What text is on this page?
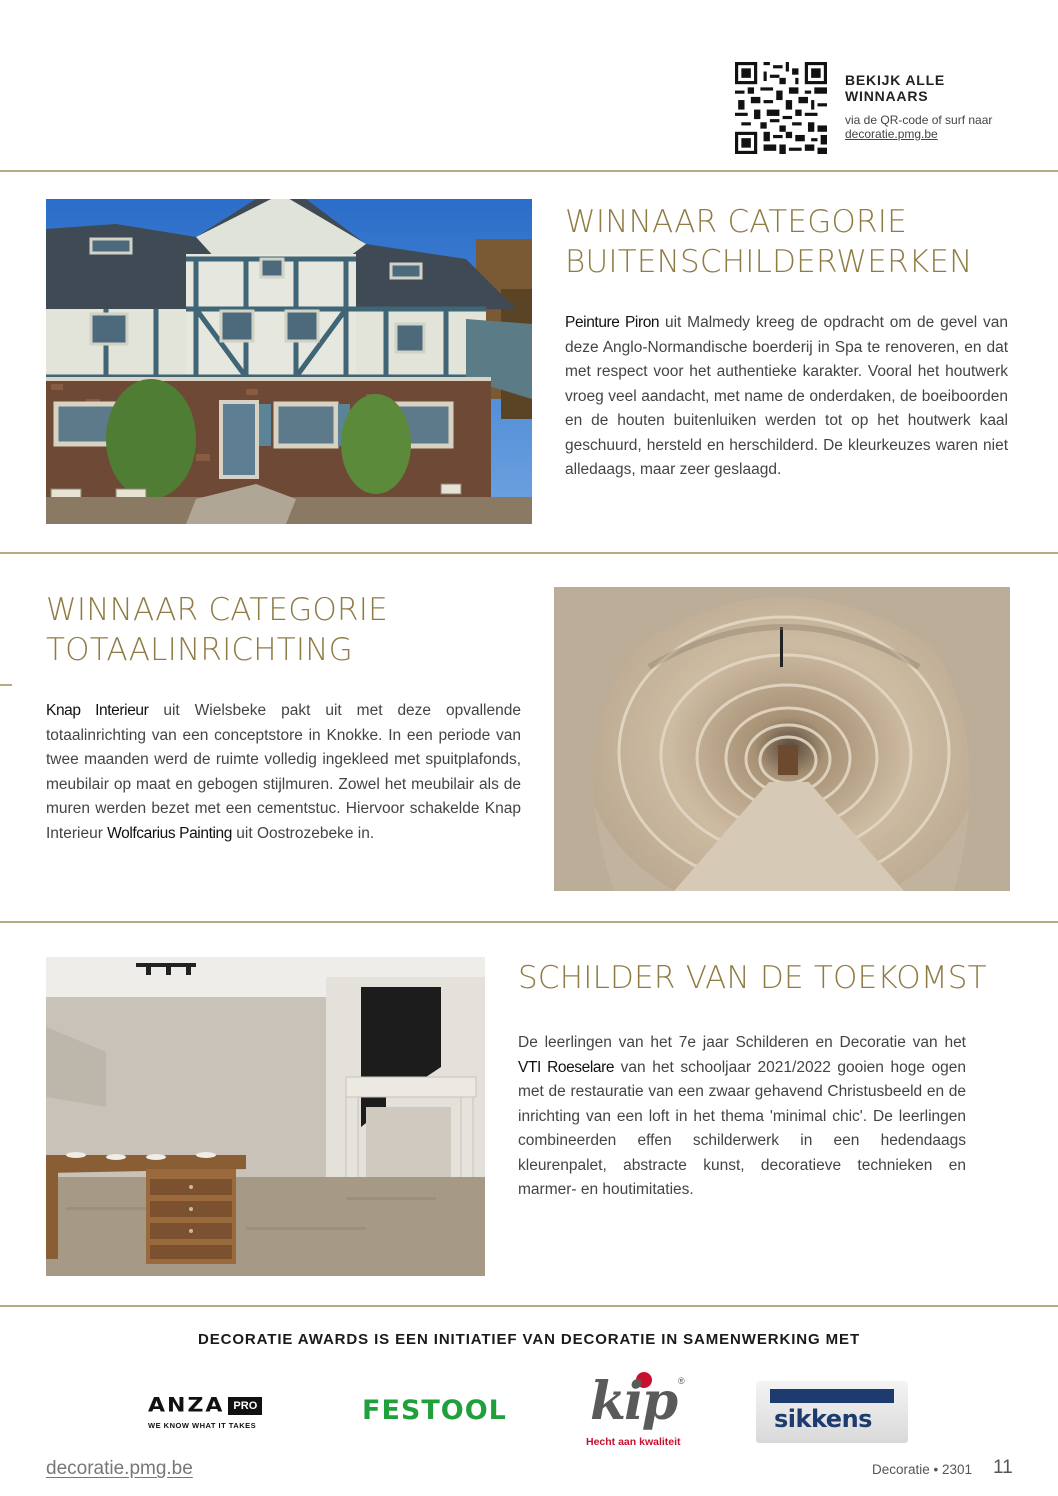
BEKIJK ALLE
WINNAARS
via de QR-code of surf naar
decoratie.pmg.be
WINNAAR CATEGORIE
BUITENSCHILDERWERKEN

Peinture Piron uit Malmedy kreeg de opdracht om de gevel van deze Anglo-Normandische boerderij in Spa te renoveren, en dat met respect voor het authentieke karakter. Vooral het houtwerk vroeg veel aandacht, met name de onderdaken, de boeiboorden en de houten buitenluiken werden tot op het houtwerk kaal geschuurd, hersteld en herschilderd. De kleurkeuzes waren niet alledaags, maar zeer geslaagd.

WINNAAR CATEGORIE
TOTAALINRICHTING

Knap Interieur uit Wielsbeke pakt uit met deze opvallende totaalinrichting van een conceptstore in Knokke. In een periode van twee maanden werd de ruimte volledig ingekleed met spuitplafonds, meubilair op maat en gebogen stijlmuren. Zowel het meubilair als de muren werden bezet met een cementstuc. Hiervoor schakelde Knap Interieur Wolfcarius Painting uit Oostrozebeke in.

SCHILDER VAN DE TOEKOMST

De leerlingen van het 7e jaar Schilderen en Decoratie van het VTI Roeselare van het schooljaar 2021/2022 gooien hoge ogen met de restauratie van een zwaar gehavend Christusbeeld en de inrichting van een loft in het thema 'minimal chic'. De leerlingen combineerden effen schilderwerk in een hedendaags kleurenpalet, abstracte kunst, decoratieve technieken en marmer- en houtimitaties.

DECORATIE AWARDS IS EEN INITIATIEF VAN DECORATIE IN SAMENWERKING MET
ANZA PRO
WE KNOW WHAT IT TAKES	FESTOOL
®
kip
Hecht aan kwaliteit
sikkens
decoratie.pmg.be	Decoratie • 2301 11
